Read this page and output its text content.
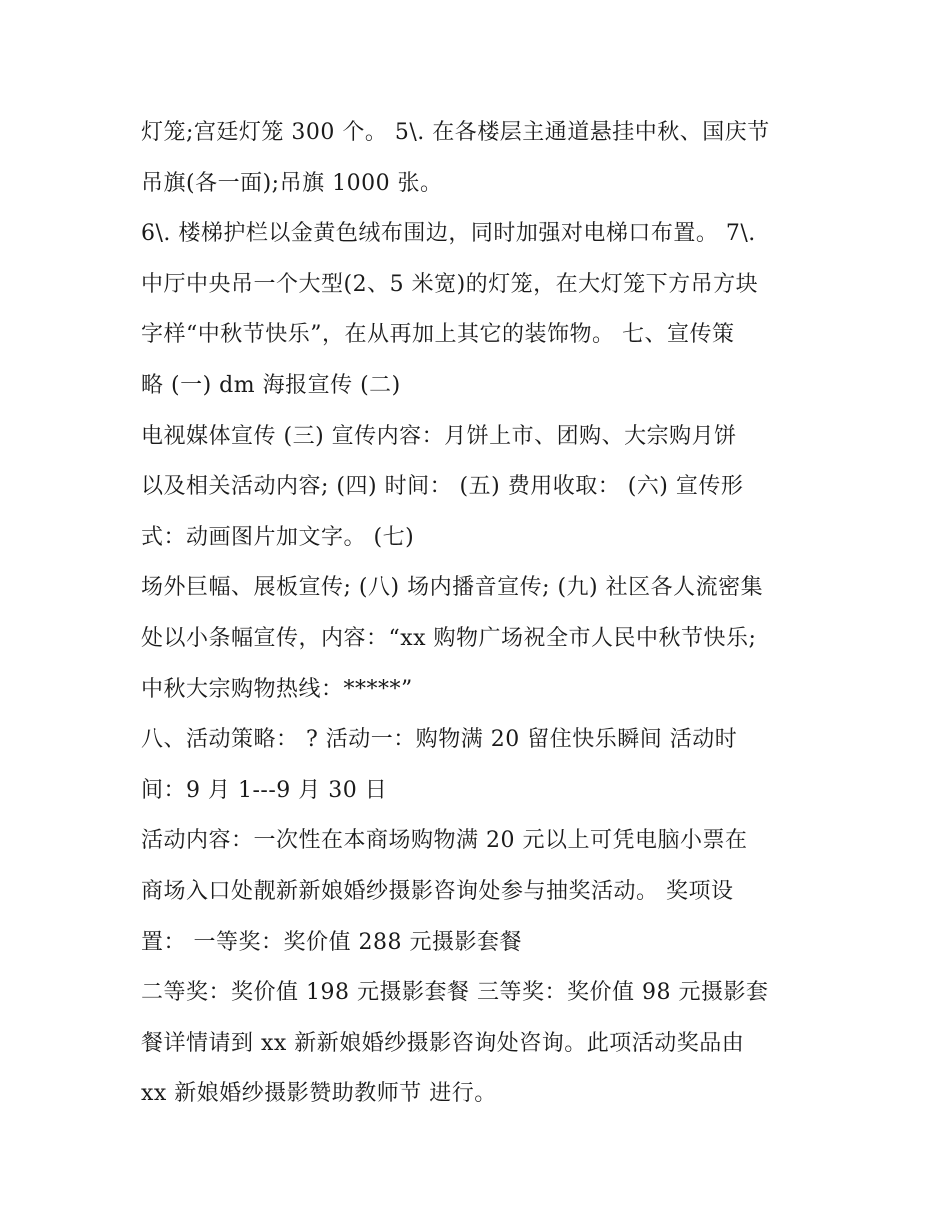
灯笼;宫廷灯笼 300 个。 5\. 在各楼层主通道悬挂中秋、国庆节
吊旗(各一面);吊旗 1000 张。
6\. 楼梯护栏以金黄色绒布围边，同时加强对电梯口布置。 7\.
中厅中央吊一个大型(2、5 米宽)的灯笼，在大灯笼下方吊方块
字样“中秋节快乐”，在从再加上其它的装饰物。 七、宣传策
略 (一) dm 海报宣传 (二)
电视媒体宣传 (三) 宣传内容：月饼上市、团购、大宗购月饼
以及相关活动内容; (四) 时间： (五) 费用收取： (六) 宣传形
式：动画图片加文字。 (七)
场外巨幅、展板宣传; (八) 场内播音宣传; (九) 社区各人流密集
处以小条幅宣传，内容：“xx 购物广场祝全市人民中秋节快乐;
中秋大宗购物热线：*****”
八、活动策略： ? 活动一：购物满 20 留住快乐瞬间 活动时
间：9 月 1---9 月 30 日
活动内容：一次性在本商场购物满 20 元以上可凭电脑小票在
商场入口处靓新新娘婚纱摄影咨询处参与抽奖活动。 奖项设
置： 一等奖：奖价值 288 元摄影套餐
二等奖：奖价值 198 元摄影套餐 三等奖：奖价值 98 元摄影套
餐详情请到 xx 新新娘婚纱摄影咨询处咨询。此项活动奖品由
xx 新娘婚纱摄影赞助教师节 进行。
